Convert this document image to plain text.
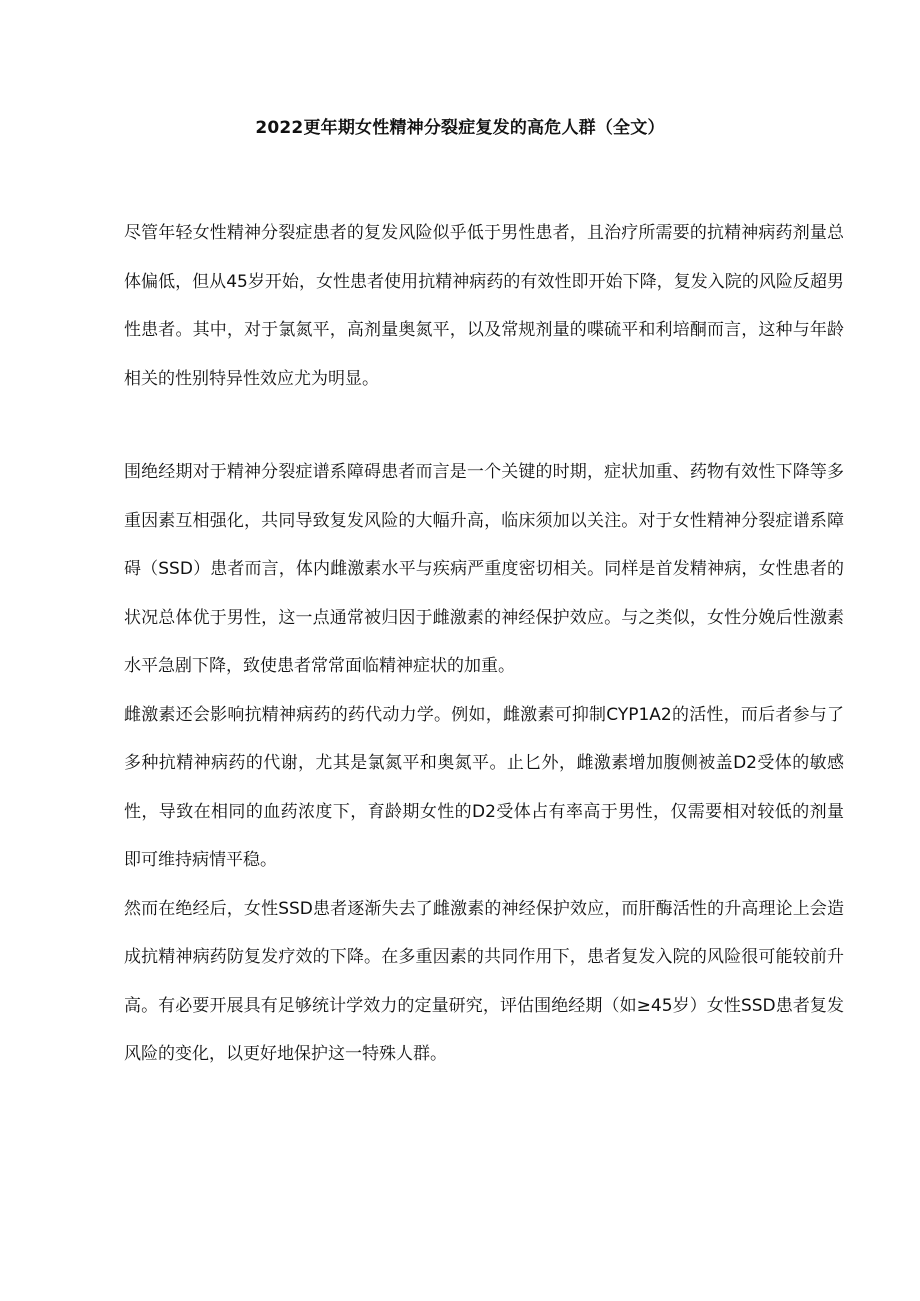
2022更年期女性精神分裂症复发的高危人群（全文）

尽管年轻女性精神分裂症患者的复发风险似乎低于男性患者，且治疗所需要的抗精神病药剂量总体偏低，但从45岁开始，女性患者使用抗精神病药的有效性即开始下降，复发入院的风险反超男性患者。其中，对于氯氮平，高剂量奥氮平，以及常规剂量的喋硫平和利培酮而言，这种与年龄相关的性别特异性效应尤为明显。

围绝经期对于精神分裂症谱系障碍患者而言是一个关键的时期，症状加重、药物有效性下降等多重因素互相强化，共同导致复发风险的大幅升高，临床须加以关注。对于女性精神分裂症谱系障碍（SSD）患者而言，体内雌激素水平与疾病严重度密切相关。同样是首发精神病，女性患者的状况总体优于男性，这一点通常被归因于雌激素的神经保护效应。与之类似，女性分娩后性激素水平急剧下降，致使患者常常面临精神症状的加重。
雌激素还会影响抗精神病药的药代动力学。例如，雌激素可抑制CYP1A2的活性，而后者参与了多种抗精神病药的代谢，尤其是氯氮平和奥氮平。止匕外，雌激素增加腹侧被盖D2受体的敏感性，导致在相同的血药浓度下，育龄期女性的D2受体占有率高于男性，仅需要相对较低的剂量即可维持病情平稳。
然而在绝经后，女性SSD患者逐渐失去了雌激素的神经保护效应，而肝酶活性的升高理论上会造成抗精神病药防复发疗效的下降。在多重因素的共同作用下，患者复发入院的风险很可能较前升高。有必要开展具有足够统计学效力的定量研究，评估围绝经期（如≥45岁）女性SSD患者复发风险的变化，以更好地保护这一特殊人群。
